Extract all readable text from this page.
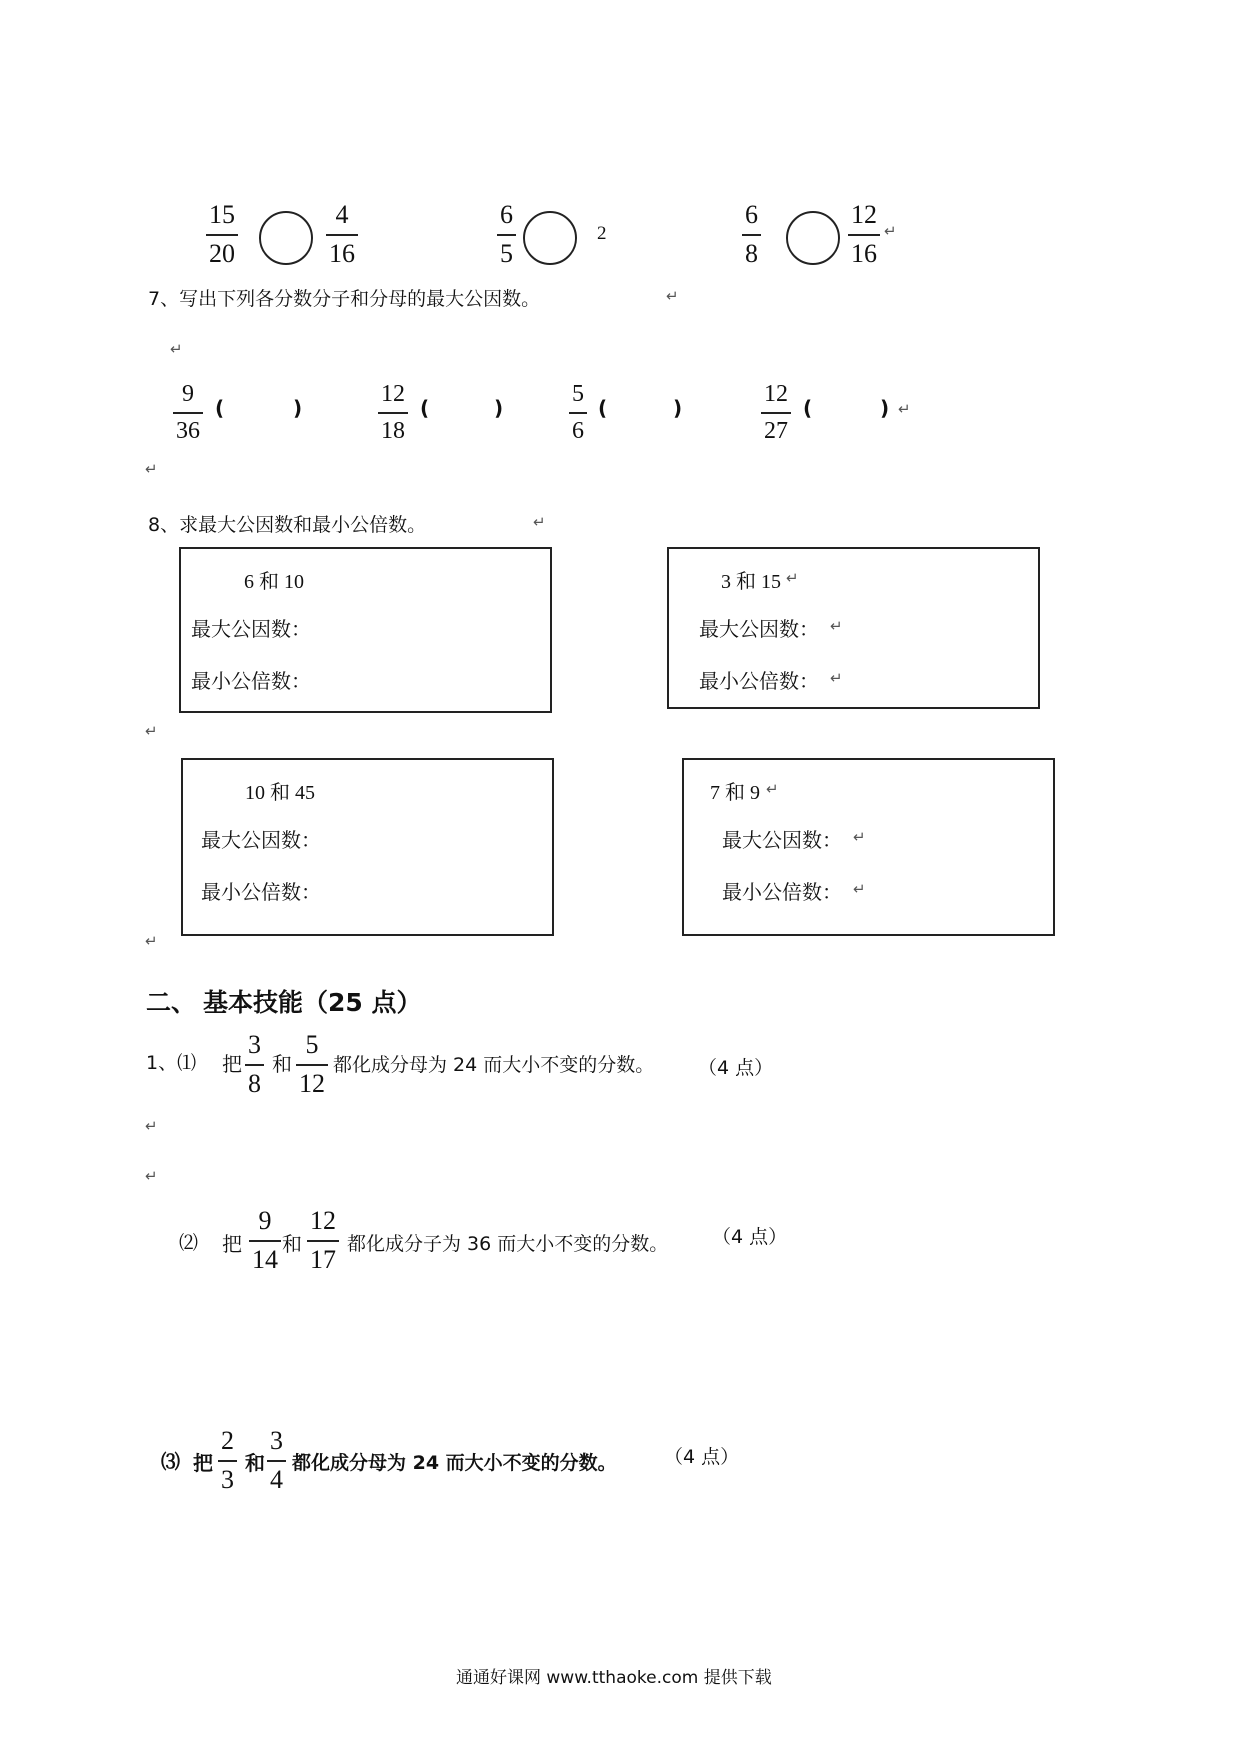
15
20
4
16
6
5
2
6
8
12
16
↵
7、写出下列各分数分子和分母的最大公因数。	↵
↵
9
36
(	)
12
18
(	)
5
6
(	)
12
27
(	) ↵
↵
8、求最大公因数和最小公倍数。	↵
6 和 10
最大公因数：
最小公倍数：
3 和 15 ↵
最大公因数： ↵
最小公倍数： ↵
↵
10 和 45
最大公因数：
最小公倍数：
7 和 9 ↵
最大公因数： ↵
最小公倍数： ↵
↵
二、 基本技能（25 点）
1、⑴ 把
3
8
和
5
12
都化成分母为 24 而大小不变的分数。 （4 点）
↵
↵
⑵ 把
9
14
和
12
17
都化成分子为 36 而大小不变的分数。 （4 点）
⑶ 把
2
3
和
3
4
都化成分母为 24 而大小不变的分数。 （4 点）
通通好课网 www.tthaoke.com 提供下载
